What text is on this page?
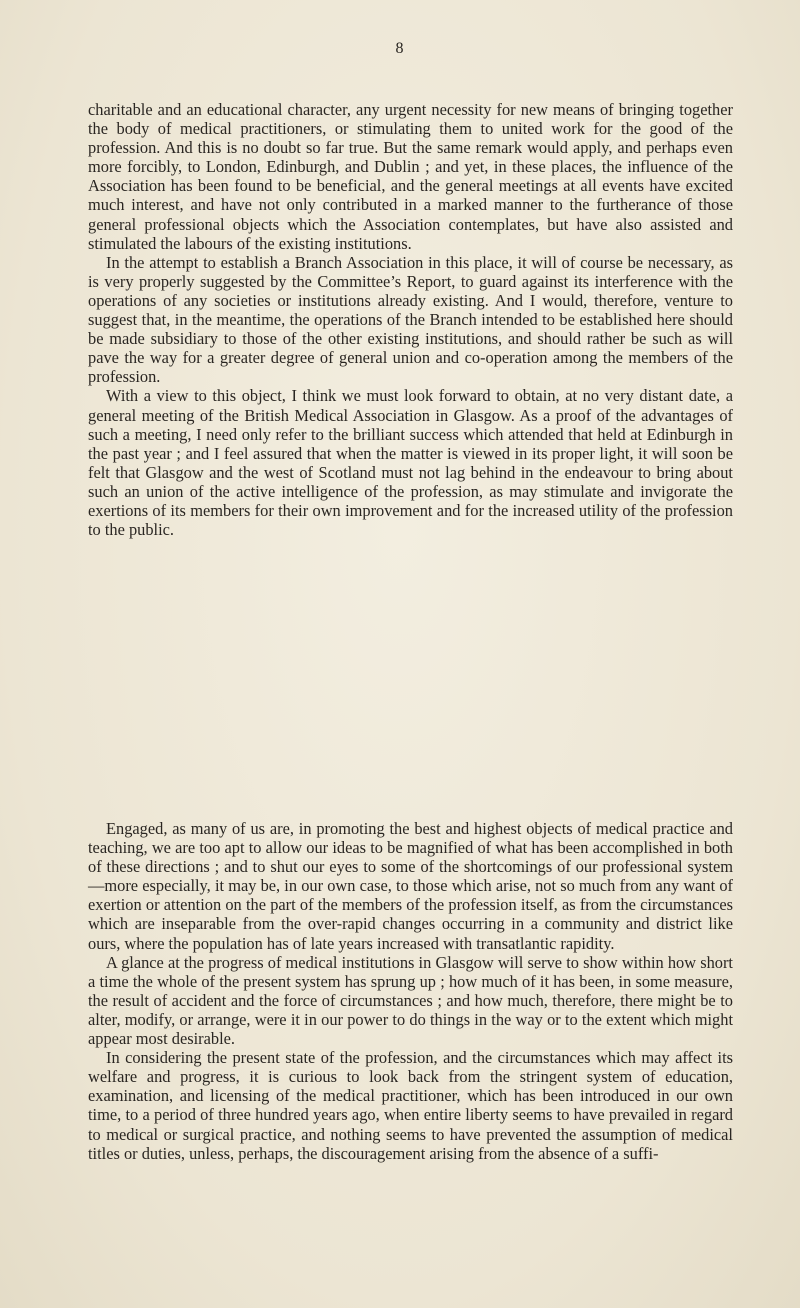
8

charitable and an educational character, any urgent necessity for new means of bringing together the body of medical practitioners, or stimulating them to united work for the good of the profession. And this is no doubt so far true. But the same remark would apply, and perhaps even more forcibly, to London, Edinburgh, and Dublin ; and yet, in these places, the influence of the Association has been found to be beneficial, and the general meetings at all events have excited much interest, and have not only contributed in a marked manner to the furtherance of those general professional objects which the Association contemplates, but have also assisted and stimulated the labours of the existing institutions.

In the attempt to establish a Branch Association in this place, it will of course be necessary, as is very properly suggested by the Committee’s Report, to guard against its interference with the operations of any societies or institutions already existing. And I would, therefore, venture to suggest that, in the meantime, the operations of the Branch intended to be established here should be made subsidiary to those of the other existing institutions, and should rather be such as will pave the way for a greater degree of general union and co-operation among the members of the profession.

With a view to this object, I think we must look forward to obtain, at no very distant date, a general meeting of the British Medical Association in Glasgow. As a proof of the advantages of such a meeting, I need only refer to the brilliant success which attended that held at Edinburgh in the past year ; and I feel assured that when the matter is viewed in its proper light, it will soon be felt that Glasgow and the west of Scotland must not lag behind in the endeavour to bring about such an union of the active intelligence of the profession, as may stimulate and invigorate the exertions of its members for their own improvement and for the increased utility of the profession to the public.

Engaged, as many of us are, in promoting the best and highest objects of medical practice and teaching, we are too apt to allow our ideas to be magnified of what has been accomplished in both of these directions ; and to shut our eyes to some of the shortcomings of our professional system—more especially, it may be, in our own case, to those which arise, not so much from any want of exertion or attention on the part of the members of the profession itself, as from the circumstances which are inseparable from the over-rapid changes occurring in a community and district like ours, where the population has of late years increased with transatlantic rapidity.

A glance at the progress of medical institutions in Glasgow will serve to show within how short a time the whole of the present system has sprung up ; how much of it has been, in some measure, the result of accident and the force of circumstances ; and how much, therefore, there might be to alter, modify, or arrange, were it in our power to do things in the way or to the extent which might appear most desirable.

In considering the present state of the profession, and the circumstances which may affect its welfare and progress, it is curious to look back from the stringent system of education, examination, and licensing of the medical practitioner, which has been introduced in our own time, to a period of three hundred years ago, when entire liberty seems to have prevailed in regard to medical or surgical practice, and nothing seems to have prevented the assumption of medical titles or duties, unless, perhaps, the discouragement arising from the absence of a suffi-
